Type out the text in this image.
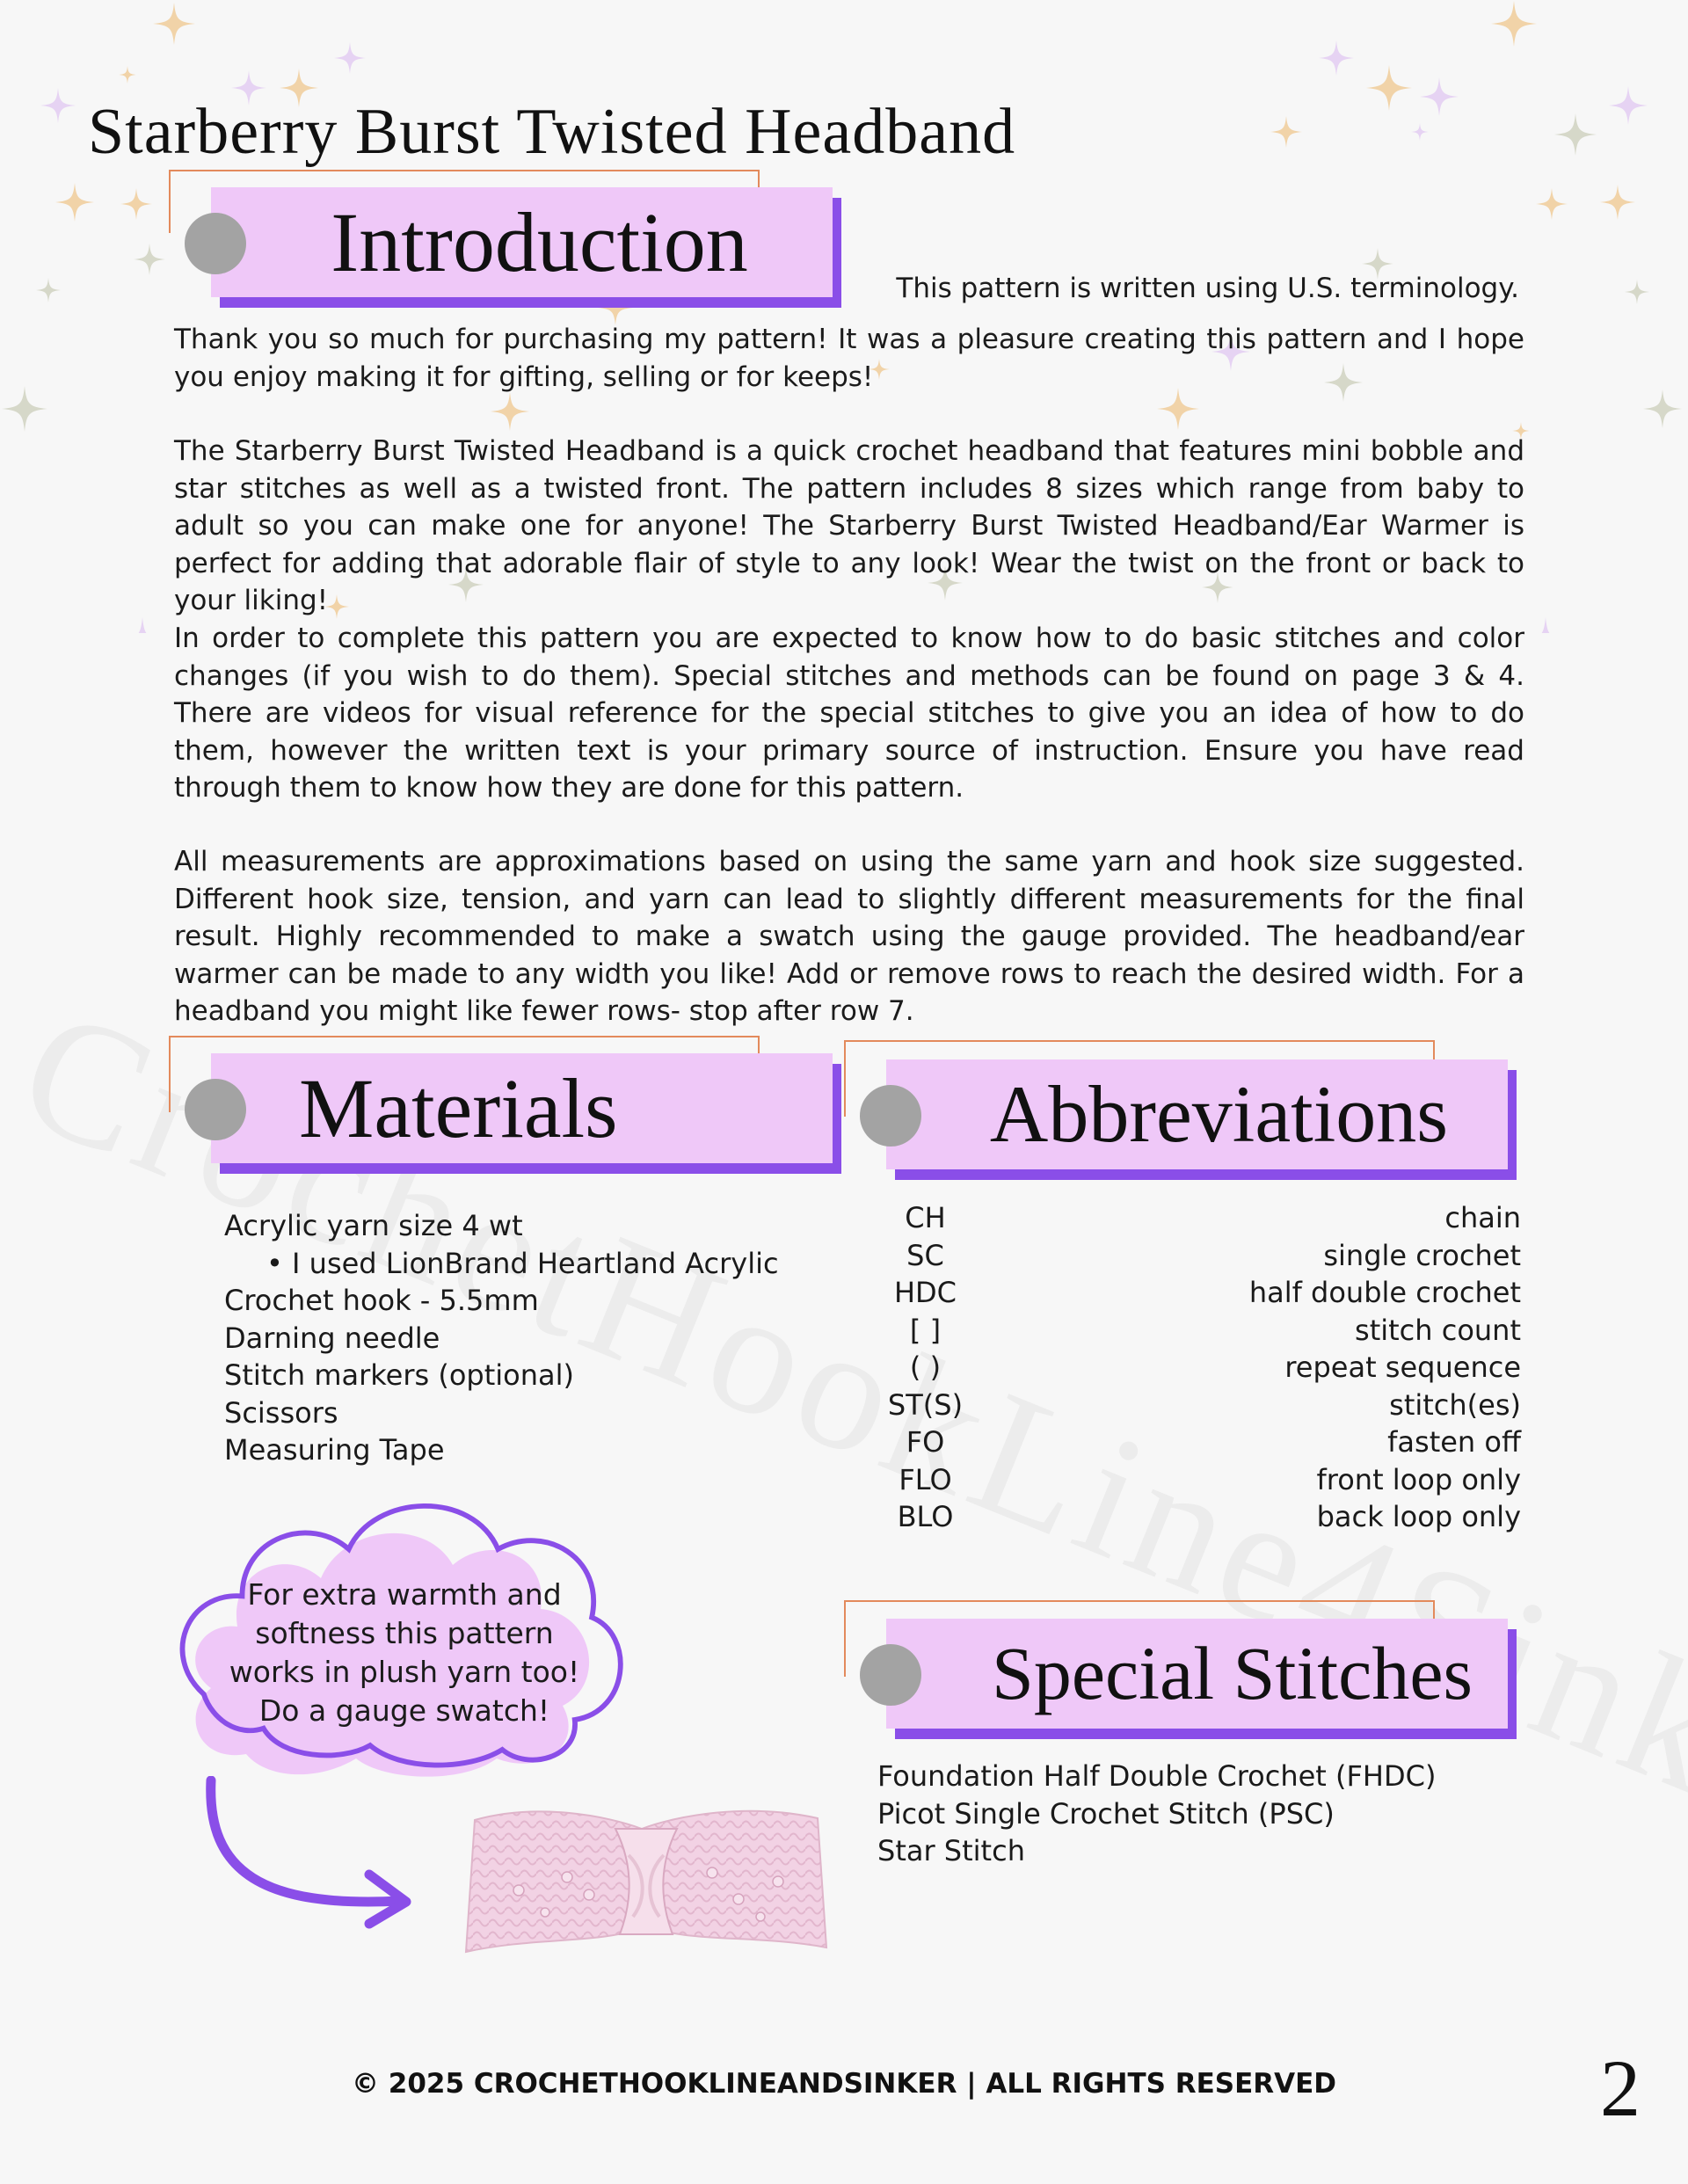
Starberry Burst Twisted Headband
Introduction	This pattern is written using U.S. terminology.

Thank you so much for purchasing my pattern! It was a pleasure creating this pattern and I hope you enjoy making it for gifting, selling or for keeps!

The Starberry Burst Twisted Headband is a quick crochet headband that features mini bobble and star stitches as well as a twisted front. The pattern includes 8 sizes which range from baby to adult so you can make one for anyone! The Starberry Burst Twisted Headband/Ear Warmer is perfect for adding that adorable flair of style to any look! Wear the twist on the front or back to your liking!

In order to complete this pattern you are expected to know how to do basic stitches and color changes (if you wish to do them). Special stitches and methods can be found on page 3 & 4. There are videos for visual reference for the special stitches to give you an idea of how to do them, however the written text is your primary source of instruction. Ensure you have read through them to know how they are done for this pattern.

All measurements are approximations based on using the same yarn and hook size suggested. Different hook size, tension, and yarn can lead to slightly different measurements for the final result. Highly recommended to make a swatch using the gauge provided. The headband/ear warmer can be made to any width you like! Add or remove rows to reach the desired width. For a headband you might like fewer rows- stop after row 7.

Materials	Abbreviations
Acrylic yarn size 4 wt
• I used LionBrand Heartland Acrylic
Crochet hook - 5.5mm
Darning needle
Stitch markers (optional)
Scissors
Measuring Tape
CH	chain
SC	single crochet
HDC	half double crochet
[ ]	stitch count
( )	repeat sequence
ST(S)	stitch(es)
FO	fasten off
FLO	front loop only
BLO	back loop only

For extra warmth and softness this pattern works in plush yarn too! Do a gauge swatch!	Special Stitches
Foundation Half Double Crochet (FHDC)
Picot Single Crochet Stitch (PSC)
Star Stitch

© 2025 CROCHETHOOKLINEANDSINKER | ALL RIGHTS RESERVED	2
